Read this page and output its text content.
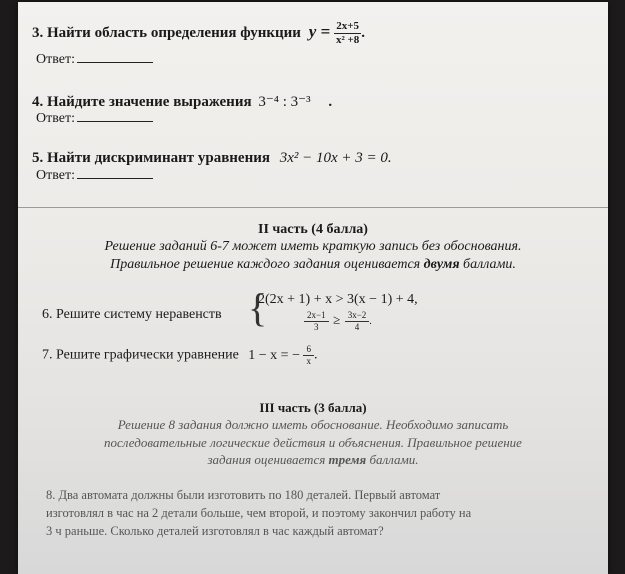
3. Найти область определения функции $y = \frac{2x+5}{\text{x² +8}}$ .
Ответ:
4. Найдите значение выражения 3⁻⁴ : 3⁻³ .
Ответ:
5. Найти дискриминант уравнения 3x² − 10x + 3 = 0.
Ответ:
II часть (4 балла)
Решение заданий 6-7 может иметь краткую запись без обоснования.
Правильное решение каждого задания оценивается двумя баллами.
6. Решите систему неравенств {
2(2x + 1) + x > 3(x − 1) + 4,
$\frac{2x-1}{3} \ge \frac{3x-2}{4}$ .
7. Решите графически уравнение 1 − x = − $\frac{6}{x}$ .
III часть (3 балла)
Решение 8 задания должно иметь обоснование. Необходимо записать
последовательные логические действия и объяснения. Правильное решение
задания оценивается тремя баллами.
8. Два автомата должны были изготовить по 180 деталей. Первый автомат
изготовлял в час на 2 детали больше, чем второй, и поэтому закончил работу на
3 ч раньше. Сколько деталей изготовлял в час каждый автомат?
